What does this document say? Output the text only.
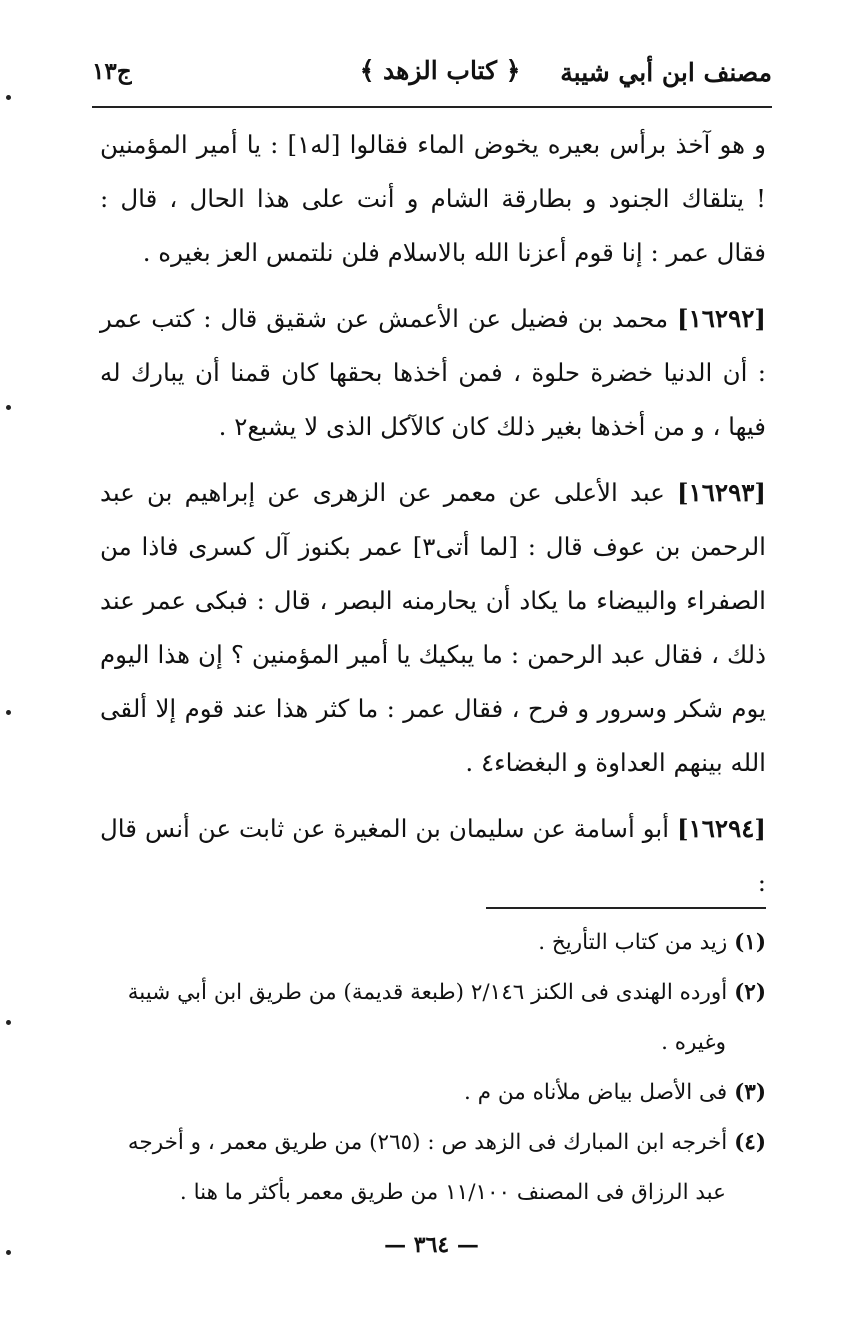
مصنف ابن أبي شيبة
﴿ كتاب الزهد ﴾
ج١٣

و هو آخذ برأس بعيره يخوض الماء فقالوا [له١] : يا أمير المؤمنين ! يتلقاك الجنود و بطارقة الشام و أنت على هذا الحال ، قال : فقال عمر : إنا قوم أعزنا الله بالاسلام فلن نلتمس العز بغيره .

[١٦٢٩٢] محمد بن فضيل عن الأعمش عن شقيق قال : كتب عمر : أن الدنيا خضرة حلوة ، فمن أخذها بحقها كان قمنا أن يبارك له فيها ، و من أخذها بغير ذلك كان كالآكل الذى لا يشبع٢ .

[١٦٢٩٣] عبد الأعلى عن معمر عن الزهرى عن إبراهيم بن عبد الرحمن بن عوف قال : [لما أتى٣] عمر بكنوز آل كسرى فاذا من الصفراء والبيضاء ما يكاد أن يحارمنه البصر ، قال : فبكى عمر عند ذلك ، فقال عبد الرحمن : ما يبكيك يا أمير المؤمنين ؟ إن هذا اليوم يوم شكر وسرور و فرح ، فقال عمر : ما كثر هذا عند قوم إلا ألقى الله بينهم العداوة و البغضاء٤ .

[١٦٢٩٤] أبو أسامة عن سليمان بن المغيرة عن ثابت عن أنس قال :

(١) زيد من كتاب التأريخ .

(٢) أورده الهندى فى الكنز ٢/١٤٦ (طبعة قديمة) من طريق ابن أبي شيبة

وغيره .

(٣) فى الأصل بياض ملأناه من م .

(٤) أخرجه ابن المبارك فى الزهد ص : (٢٦٥) من طريق معمر ، و أخرجه

عبد الرزاق فى المصنف ١١/١٠٠ من طريق معمر بأكثر ما هنا .

— ٣٦٤ —
